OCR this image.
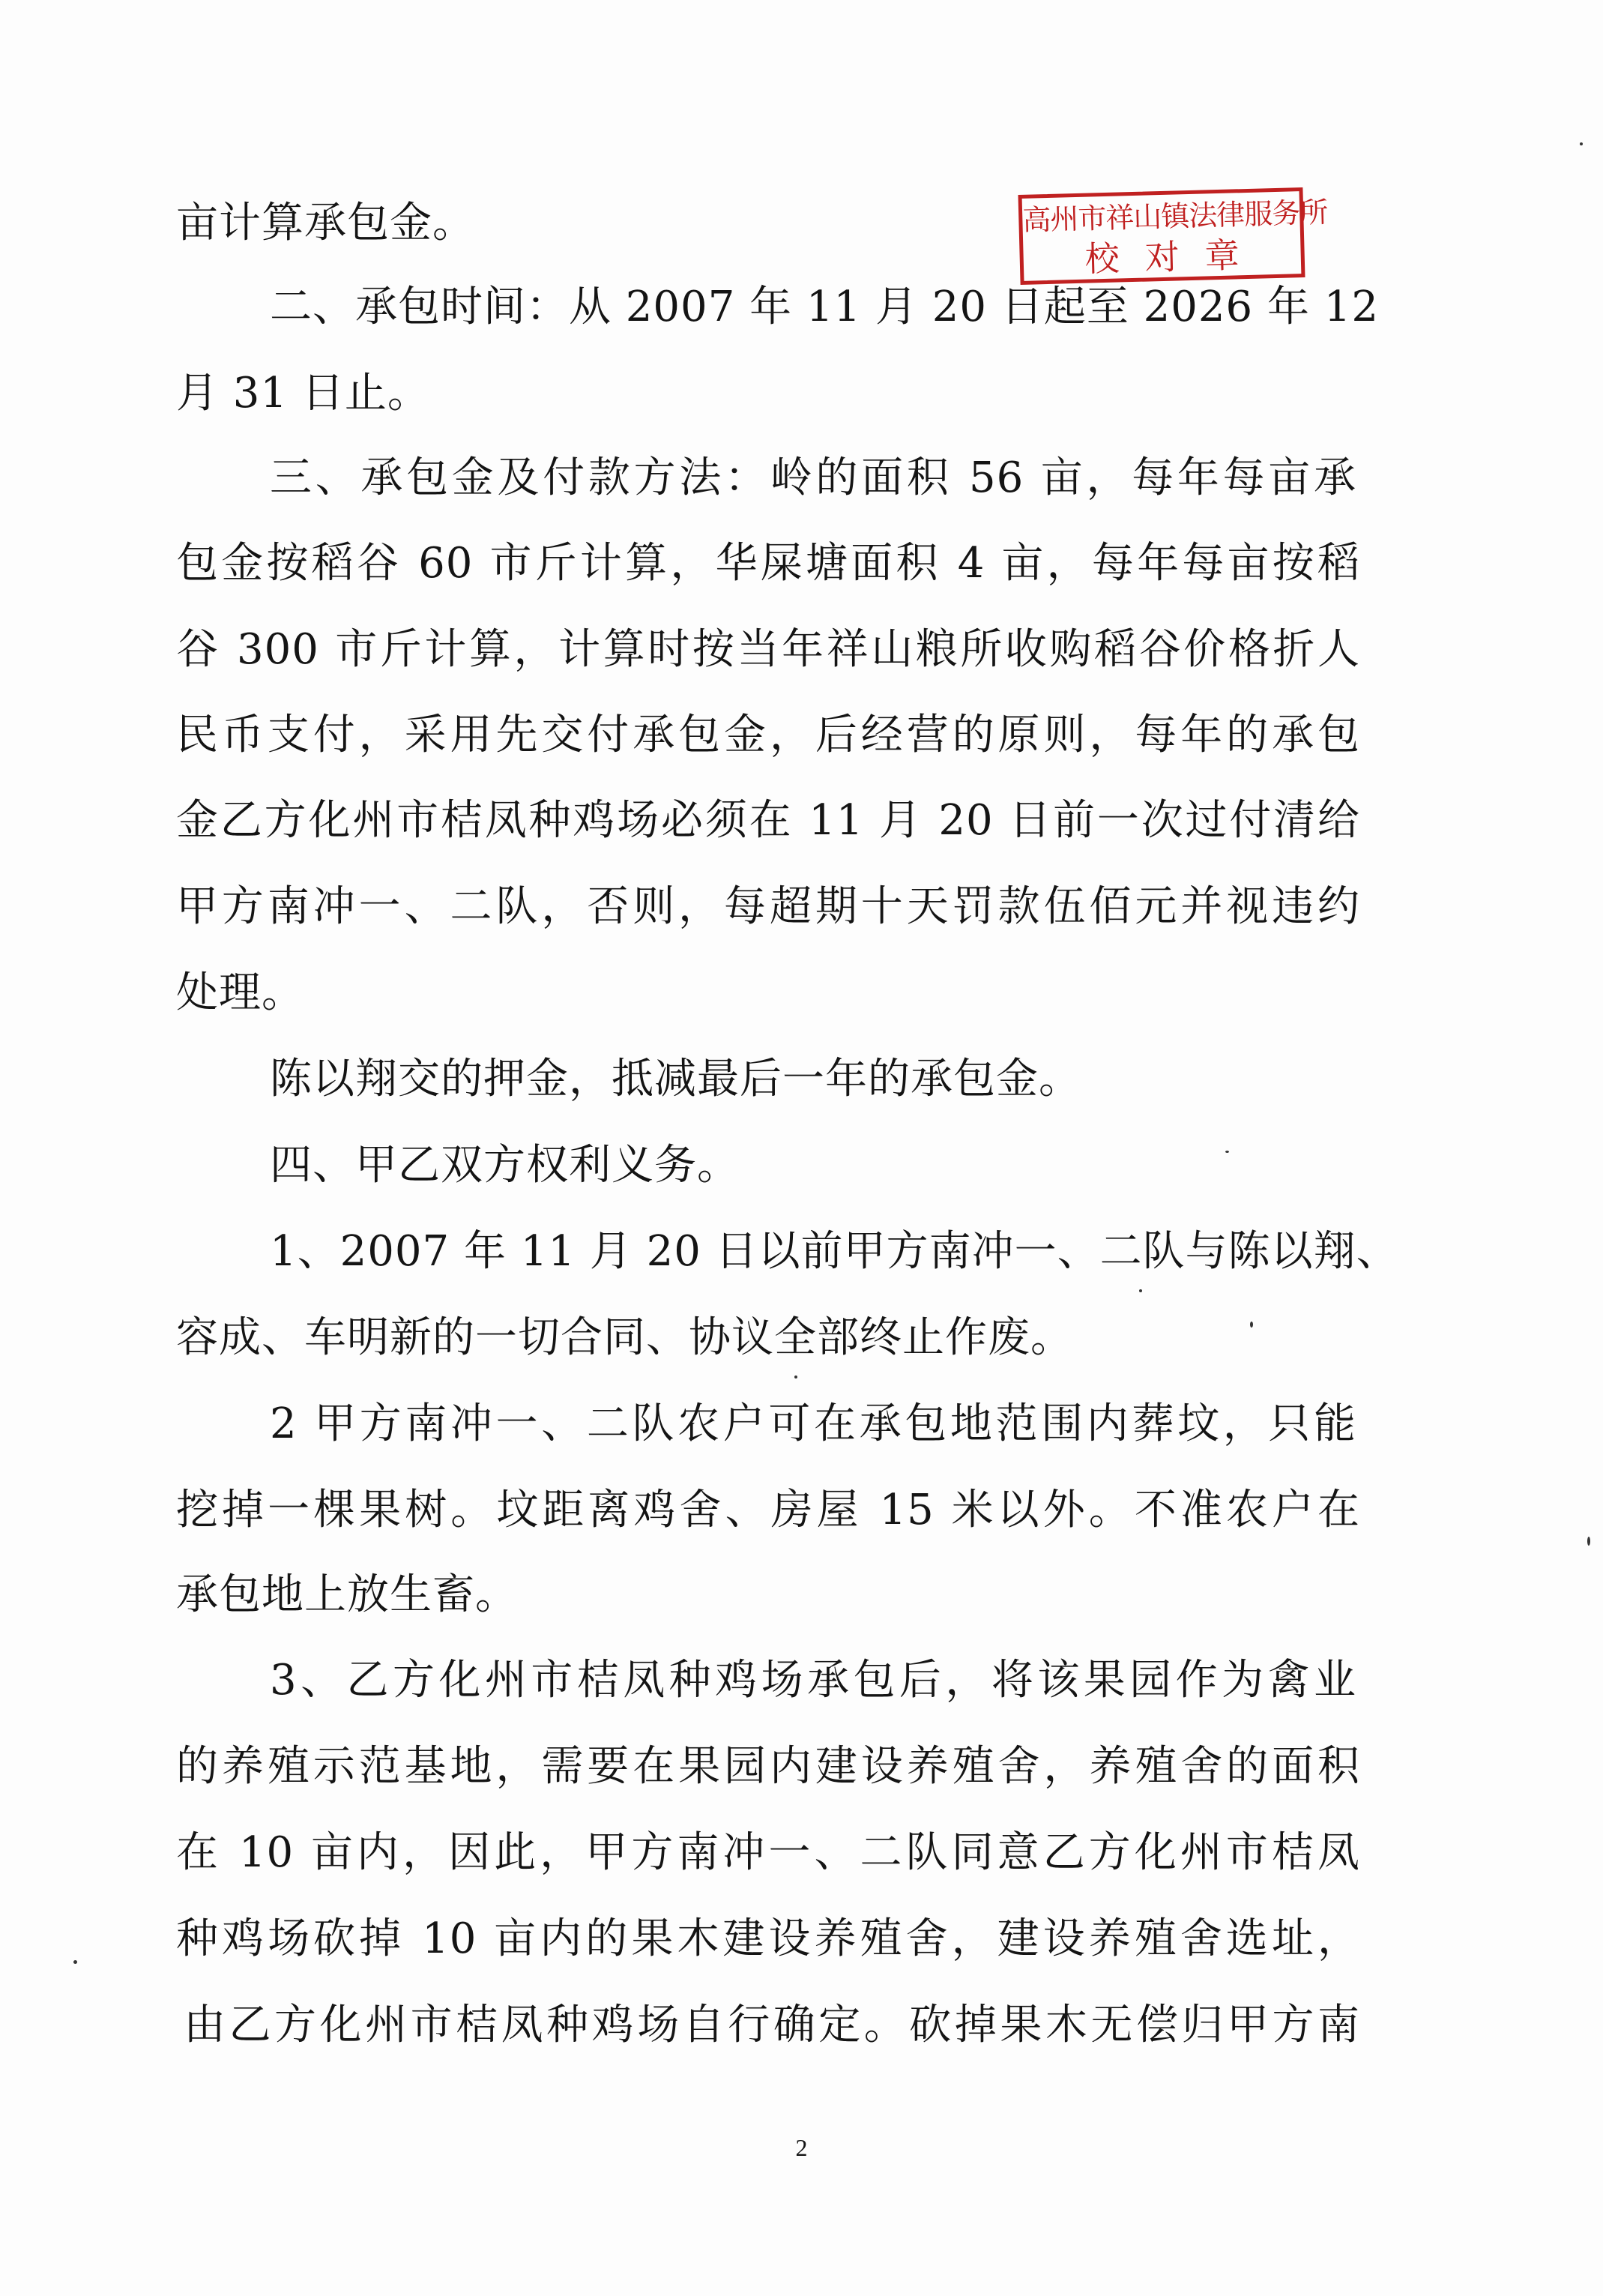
高州市祥山镇法律服务所
校对章
亩计算承包金。
二、承包时间：从 2007 年 11 月 20 日起至 2026 年 12
月 31 日止。
三、承包金及付款方法：岭的面积 56 亩，每年每亩承
包金按稻谷 60 市斤计算，华屎塘面积 4 亩，每年每亩按稻
谷 300 市斤计算，计算时按当年祥山粮所收购稻谷价格折人
民币支付，采用先交付承包金，后经营的原则，每年的承包
金乙方化州市桔凤种鸡场必须在 11 月 20 日前一次过付清给
甲方南冲一、二队，否则，每超期十天罚款伍佰元并视违约
处理。
陈以翔交的押金，抵减最后一年的承包金。
四、甲乙双方权利义务。
1、2007 年 11 月 20 日以前甲方南冲一、二队与陈以翔、
容成、车明新的一切合同、协议全部终止作废。
2 甲方南冲一、二队农户可在承包地范围内葬坟，只能
挖掉一棵果树。坟距离鸡舍、房屋 15 米以外。不准农户在
承包地上放生畜。
3、乙方化州市桔凤种鸡场承包后，将该果园作为禽业
的养殖示范基地，需要在果园内建设养殖舍，养殖舍的面积
在 10 亩内，因此，甲方南冲一、二队同意乙方化州市桔凤
种鸡场砍掉 10 亩内的果木建设养殖舍，建设养殖舍选址，
由乙方化州市桔凤种鸡场自行确定。砍掉果木无偿归甲方南
2
